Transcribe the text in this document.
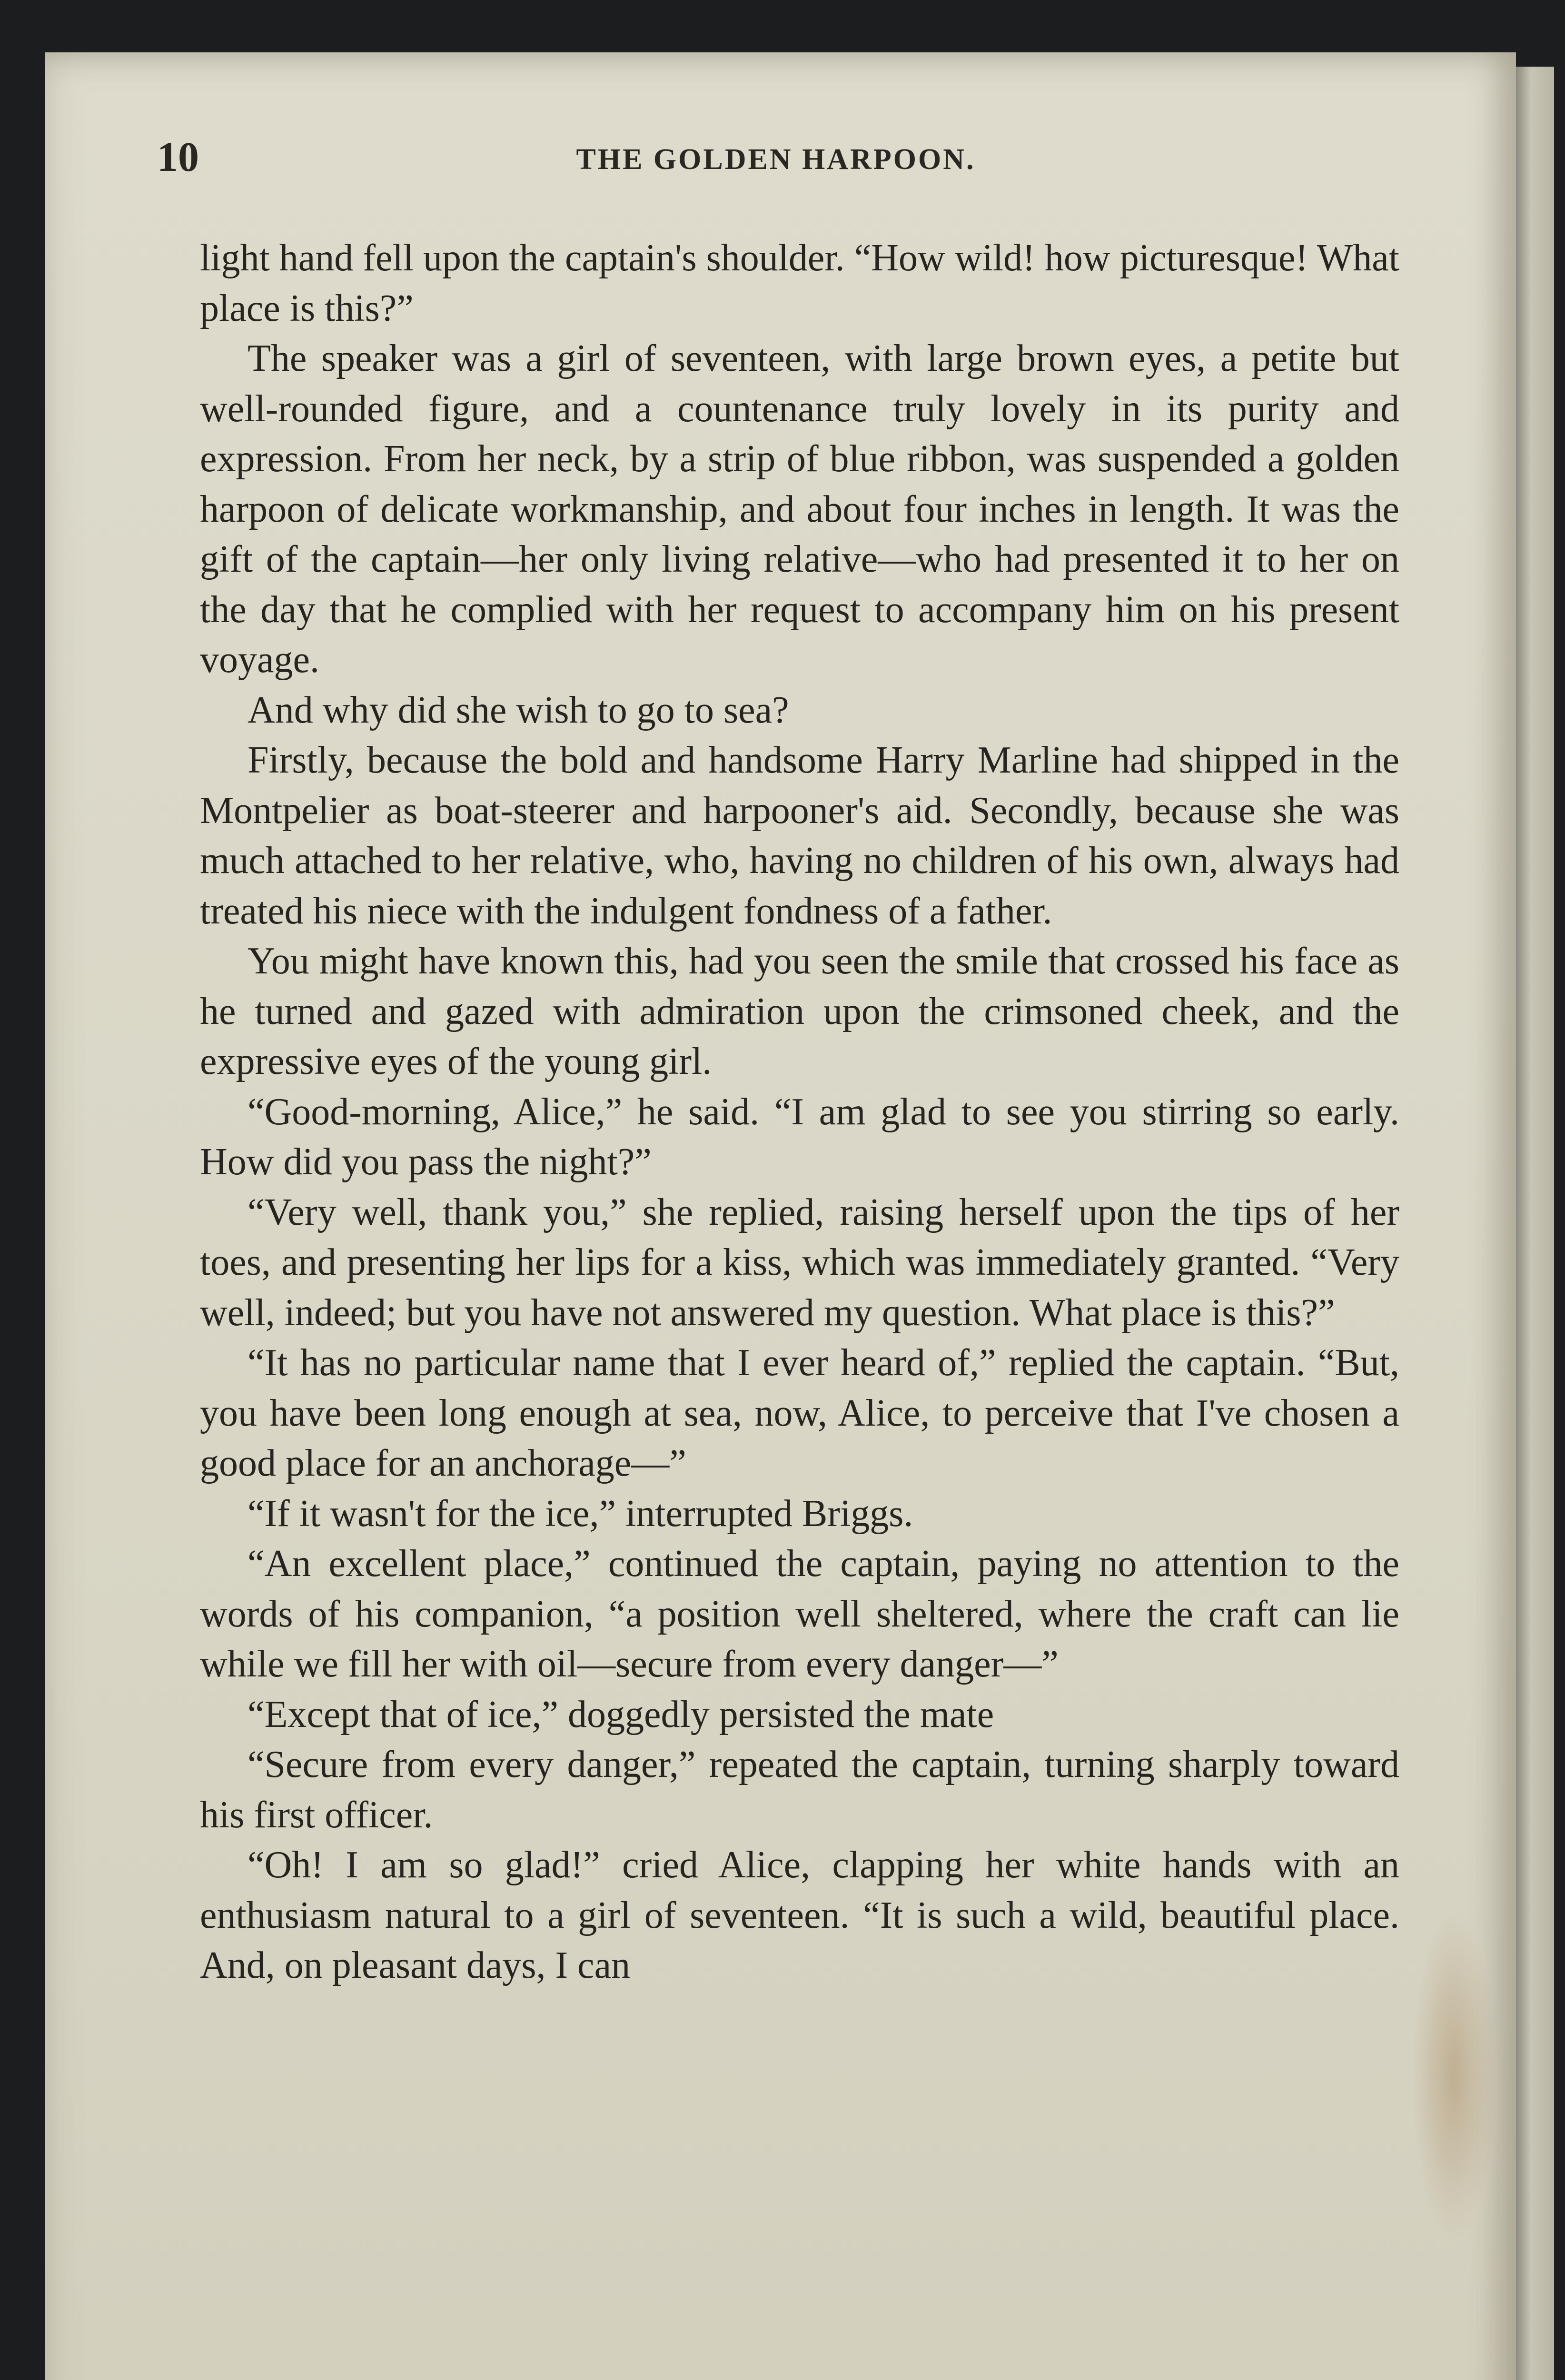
10	THE GOLDEN HARPOON.

light hand fell upon the captain's shoulder. “How wild! how picturesque! What place is this?”

The speaker was a girl of seventeen, with large brown eyes, a petite but well-rounded figure, and a countenance truly lovely in its purity and expression. From her neck, by a strip of blue ribbon, was suspended a golden harpoon of delicate workmanship, and about four inches in length. It was the gift of the captain—her only living relative—who had presented it to her on the day that he complied with her request to accompany him on his present voyage.

And why did she wish to go to sea?

Firstly, because the bold and handsome Harry Marline had shipped in the Montpelier as boat-steerer and harpooner's aid. Secondly, because she was much attached to her relative, who, having no children of his own, always had treated his niece with the indulgent fondness of a father.

You might have known this, had you seen the smile that crossed his face as he turned and gazed with admiration upon the crimsoned cheek, and the expressive eyes of the young girl.

“Good-morning, Alice,” he said. “I am glad to see you stirring so early. How did you pass the night?”

“Very well, thank you,” she replied, raising herself upon the tips of her toes, and presenting her lips for a kiss, which was immediately granted. “Very well, indeed; but you have not answered my question. What place is this?”

“It has no particular name that I ever heard of,” replied the captain. “But, you have been long enough at sea, now, Alice, to perceive that I've chosen a good place for an anchorage—”

“If it wasn't for the ice,” interrupted Briggs.

“An excellent place,” continued the captain, paying no attention to the words of his companion, “a position well sheltered, where the craft can lie while we fill her with oil—secure from every danger—”

“Except that of ice,” doggedly persisted the mate

“Secure from every danger,” repeated the captain, turning sharply toward his first officer.

“Oh! I am so glad!” cried Alice, clapping her white hands with an enthusiasm natural to a girl of seventeen. “It is such a wild, beautiful place. And, on pleasant days, I can
